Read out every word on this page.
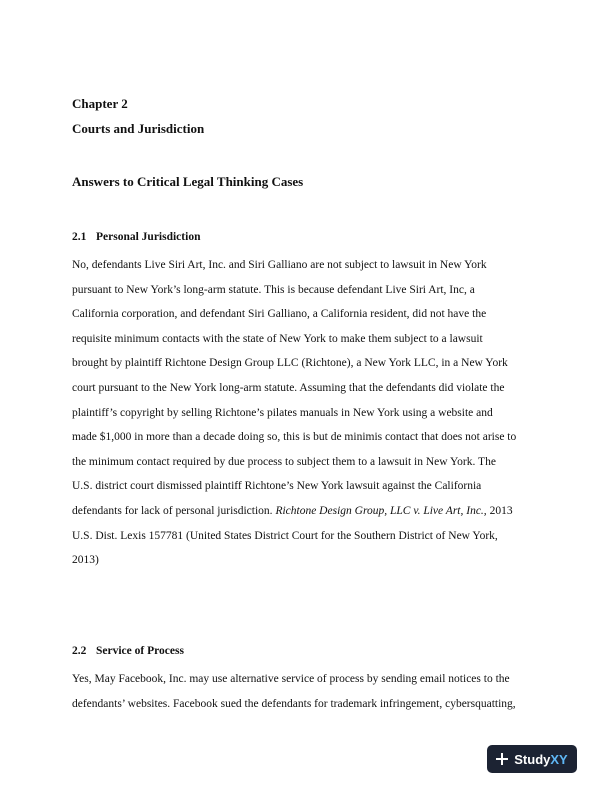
Chapter 2
Courts and Jurisdiction
Answers to Critical Legal Thinking Cases
2.1 Personal Jurisdiction
No, defendants Live Siri Art, Inc. and Siri Galliano are not subject to lawsuit in New York
pursuant to New York’s long-arm statute. This is because defendant Live Siri Art, Inc, a
California corporation, and defendant Siri Galliano, a California resident, did not have the
requisite minimum contacts with the state of New York to make them subject to a lawsuit
brought by plaintiff Richtone Design Group LLC (Richtone), a New York LLC, in a New York
court pursuant to the New York long-arm statute. Assuming that the defendants did violate the
plaintiff’s copyright by selling Richtone’s pilates manuals in New York using a website and
made $1,000 in more than a decade doing so, this is but de minimis contact that does not arise to
the minimum contact required by due process to subject them to a lawsuit in New York. The
U.S. district court dismissed plaintiff Richtone’s New York lawsuit against the California
defendants for lack of personal jurisdiction. Richtone Design Group, LLC v. Live Art, Inc., 2013
U.S. Dist. Lexis 157781 (United States District Court for the Southern District of New York,
2013)
2.2 Service of Process
Yes, May Facebook, Inc. may use alternative service of process by sending email notices to the
defendants’ websites. Facebook sued the defendants for trademark infringement, cybersquatting,
Study XY
